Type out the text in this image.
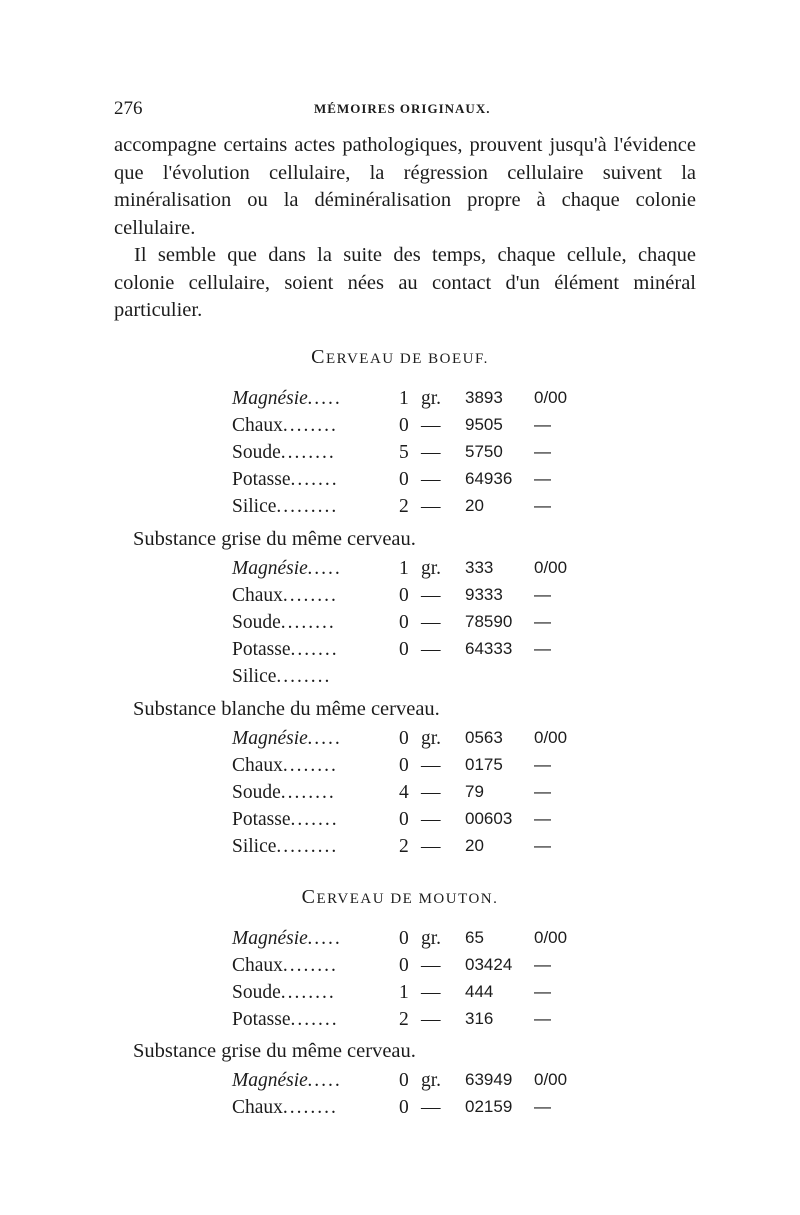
276	MÉMOIRES ORIGINAUX.

accompagne certains actes pathologiques, prouvent jusqu'à l'évidence que l'évolution cellulaire, la régression cellulaire suivent la minéralisation ou la déminéralisation propre à chaque colonie cellulaire.

Il semble que dans la suite des temps, chaque cellule, chaque colonie cellulaire, soient nées au contact d'un élément minéral particulier.

CERVEAU DE BOEUF.
Magnésie.....	1 gr. 3893 0/00
Chaux........	0 — 9505 —
Soude........	5 — 5750 —
Potasse.......	0 — 64936 —
Silice.........	2 — 20	—
Substance grise du même cerveau.
Magnésie.....	1 gr. 333 0/00
Chaux........	0 — 9333 —
Soude........	0 — 78590 —
Potasse.......	0 — 64333 —
Silice........
Substance blanche du même cerveau.
Magnésie.....	0 gr. 0563 0/00
Chaux........	0 — 0175 —
Soude........	4 — 79	—
Potasse.......	0 — 00603 —
Silice.........	2 — 20	—
CERVEAU DE MOUTON.
Magnésie.....	0 gr. 65	0/00
Chaux........	0 — 03424 —
Soude........	1 — 444 —
Potasse.......	2 — 316 —
Substance grise du même cerveau.
Magnésie.....	0 gr. 63949 0/00
Chaux........	0 — 02159 —
